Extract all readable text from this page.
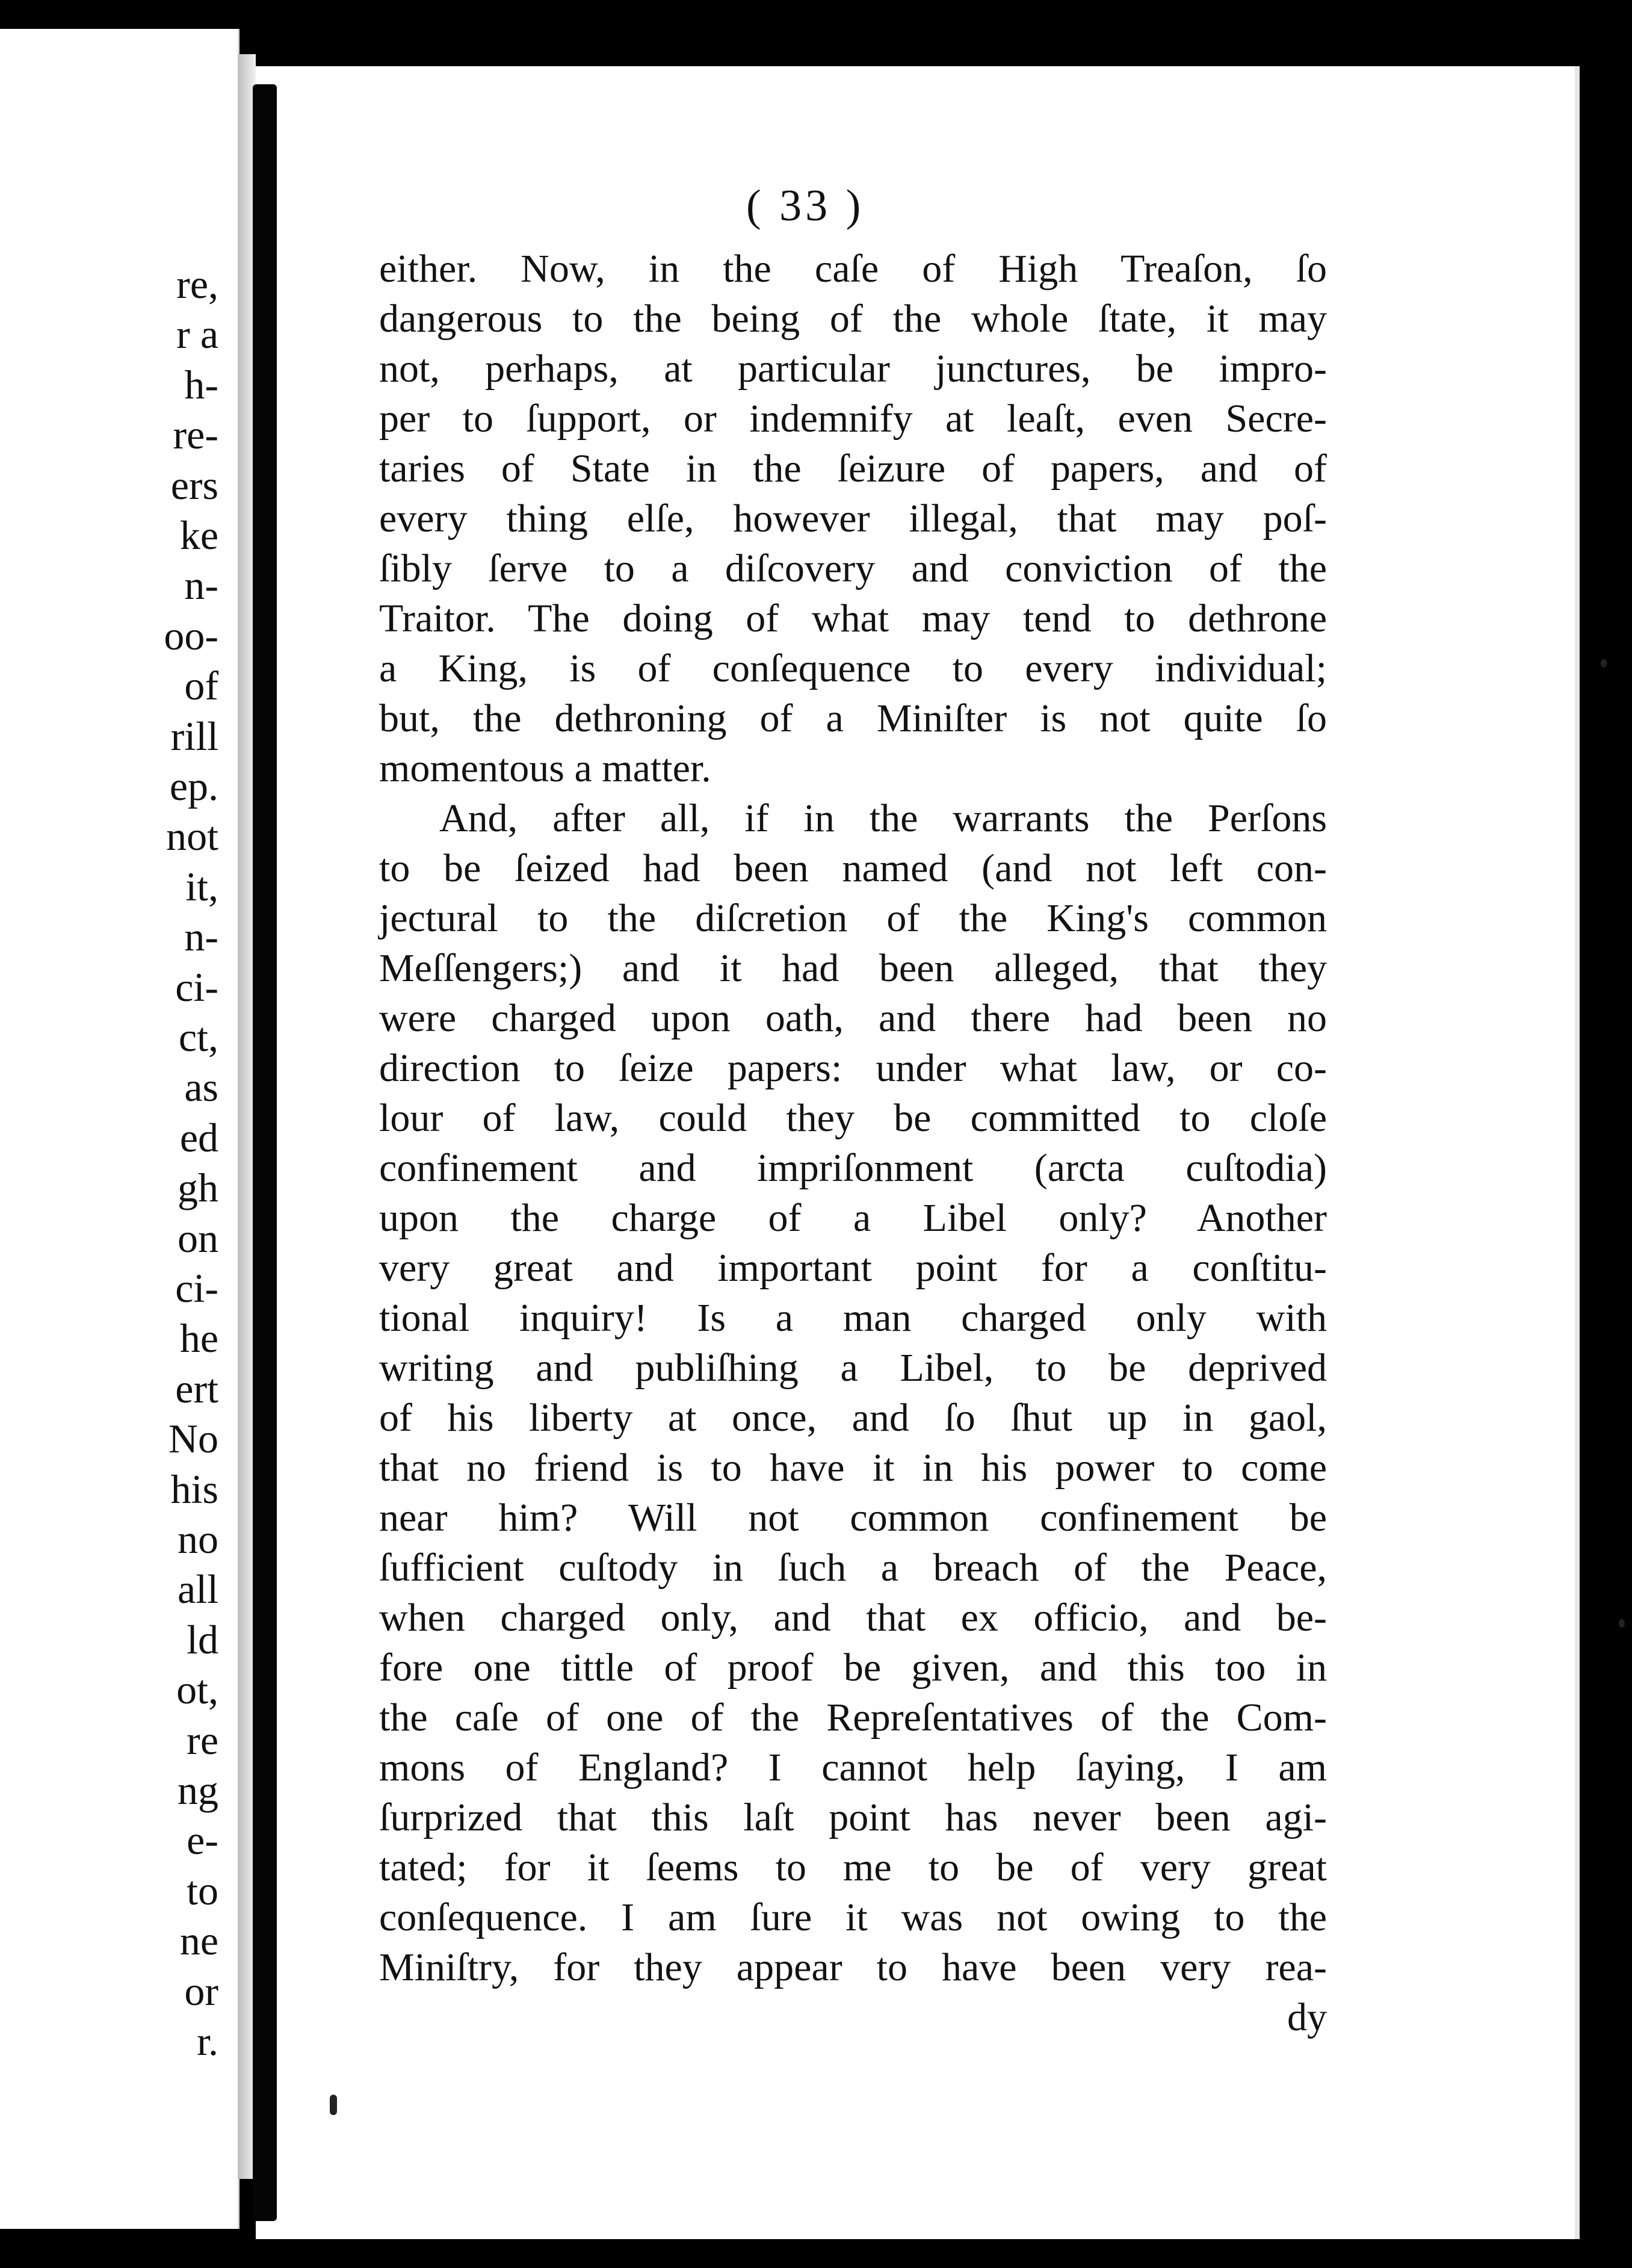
re,
r a
h-
re-
ers
ke
n-
oo-
of
rill
ep.
not
it,
n-
ci-
ct,
as
ed
gh
on
ci-
he
ert
No
his
no
all
ld
ot,
re
ng
e-
to
ne
or
r.
( 33 )
either. Now, in the caſe of High Treaſon, ſo
dangerous to the being of the whole ſtate, it may
not, perhaps, at particular junctures, be impro-
per to ſupport, or indemnify at leaſt, even Secre-
taries of State in the ſeizure of papers, and of
every thing elſe, however illegal, that may poſ-
ſibly ſerve to a diſcovery and conviction of the
Traitor. The doing of what may tend to dethrone
a King, is of conſequence to every individual;
but, the dethroning of a Miniſter is not quite ſo
momentous a matter.
And, after all, if in the warrants the Perſons
to be ſeized had been named (and not left con-
jectural to the diſcretion of the King's common
Meſſengers;) and it had been alleged, that they
were charged upon oath, and there had been no
direction to ſeize papers: under what law, or co-
lour of law, could they be committed to cloſe
confinement and impriſonment (arcta cuſtodia)
upon the charge of a Libel only? Another
very great and important point for a conſtitu-
tional inquiry! Is a man charged only with
writing and publiſhing a Libel, to be deprived
of his liberty at once, and ſo ſhut up in gaol,
that no friend is to have it in his power to come
near him? Will not common confinement be
ſufficient cuſtody in ſuch a breach of the Peace,
when charged only, and that ex officio, and be-
fore one tittle of proof be given, and this too in
the caſe of one of the Repreſentatives of the Com-
mons of England? I cannot help ſaying, I am
ſurprized that this laſt point has never been agi-
tated; for it ſeems to me to be of very great
conſequence. I am ſure it was not owing to the
Miniſtry, for they appear to have been very rea-
dy
